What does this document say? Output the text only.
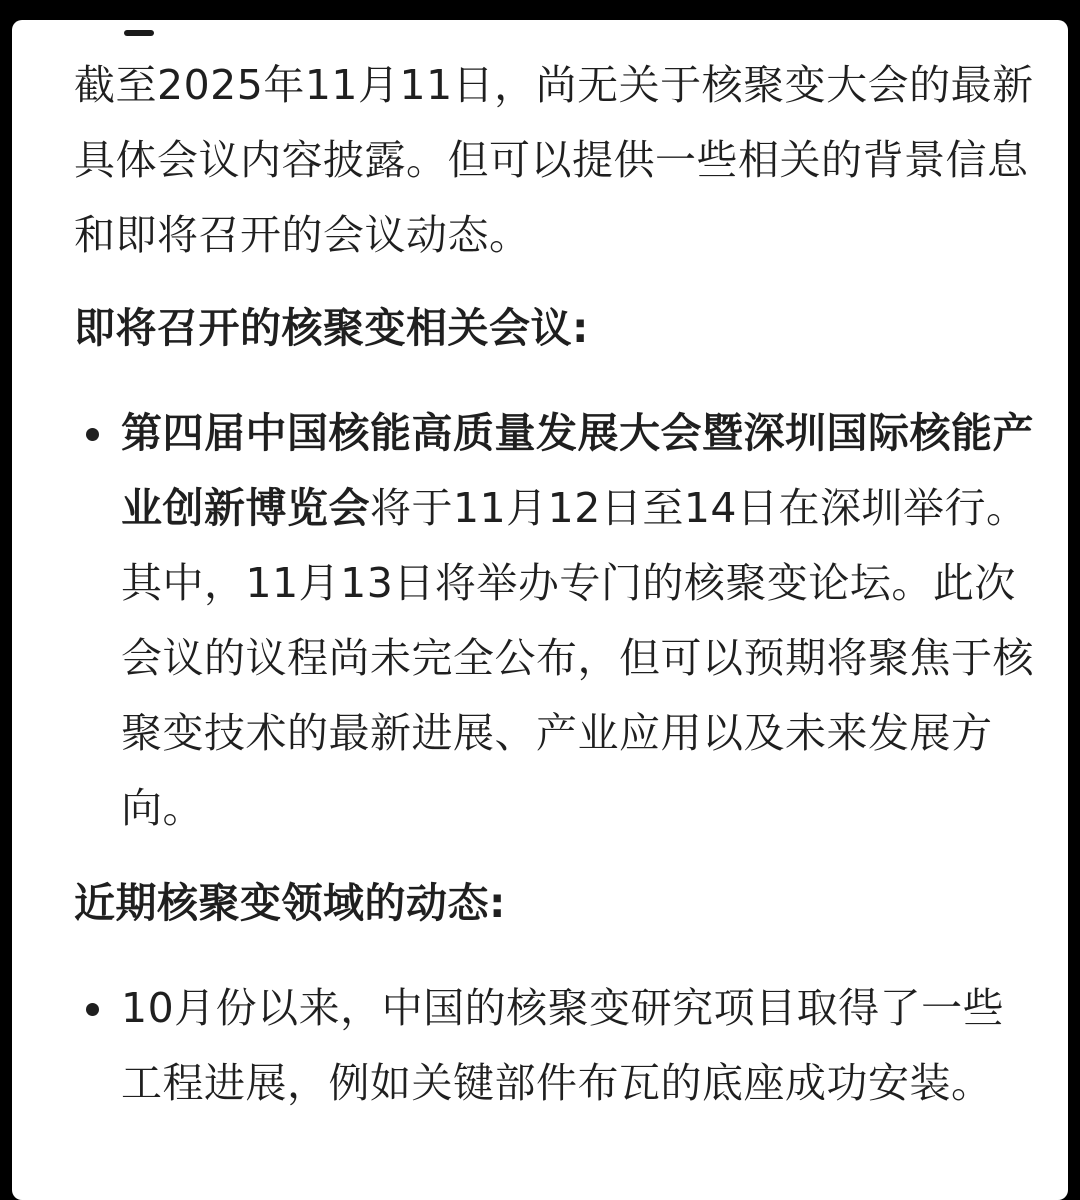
截至2025年11月11日，尚无关于核聚变大会的最新具体会议内容披露。但可以提供一些相关的背景信息和即将召开的会议动态。

即将召开的核聚变相关会议:

第四届中国核能高质量发展大会暨深圳国际核能产业创新博览会将于11月12日至14日在深圳举行。其中，11月13日将举办专门的核聚变论坛。此次会议的议程尚未完全公布，但可以预期将聚焦于核聚变技术的最新进展、产业应用以及未来发展方向。

近期核聚变领域的动态:

10月份以来，中国的核聚变研究项目取得了一些工程进展，例如关键部件布瓦的底座成功安装。
